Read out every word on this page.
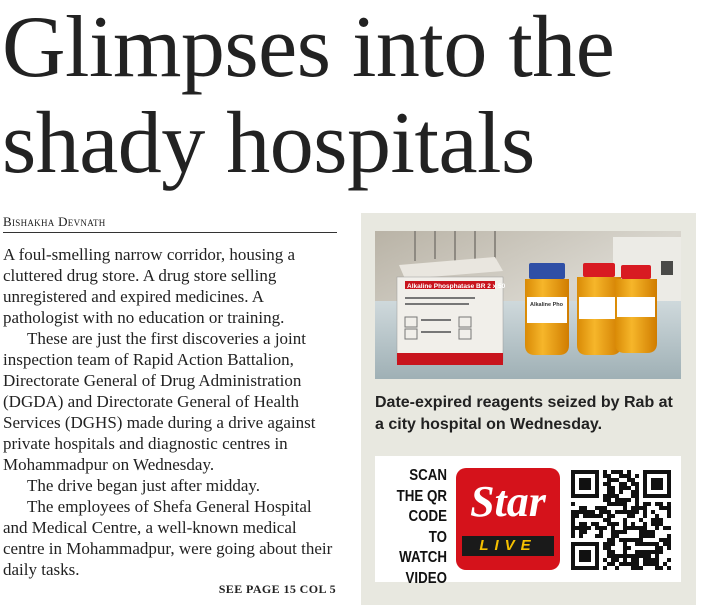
Glimpses into the
shady hospitals
Bishakha Devnath

A foul-smelling narrow corridor, housing a cluttered drug store. A drug store selling unregistered and expired medicines. A pathologist with no education or training.

These are just the first discoveries a joint inspection team of Rapid Action Battalion, Directorate General of Drug Administration (DGDA) and Directorate General of Health Services (DGHS) made during a drive against private hospitals and diagnostic centres in Mohammadpur on Wednesday.

The drive began just after midday.

The employees of Shefa General Hospital and Medical Centre, a well-known medical centre in Mohammadpur, were going about their daily tasks.

SEE PAGE 15 COL 5
Alkaline Phosphatase BR 2 x 50
Alkaline Pho
Date-expired reagents seized by Rab at a city hospital on Wednesday.
SCAN
THE QR
CODE TO
WATCH
VIDEO
Star
LIVE
